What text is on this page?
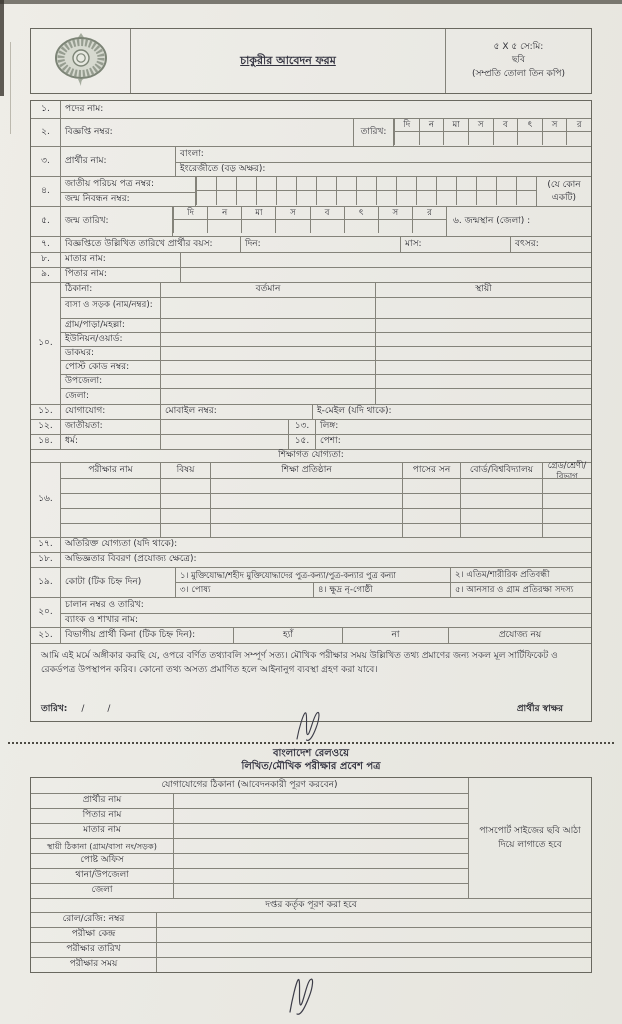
চাকুরীর আবেদন ফরম
৫ X ৫ সে:মি:
ছবি
(সম্প্রতি তোলা তিন কপি)
১.	পদের নাম:
২.	বিজ্ঞপ্তি নম্বর:	তারিখ:
দি	ন	মা	স	ব	ৎ	স	র
৩.	প্রার্থীর নাম:
বাংলা:
ইংরেজীতে (বড় অক্ষর):
৪.
জাতীয় পরিচয় পত্র নম্বর:
জন্ম নিবন্ধন নম্বর:
(যে কোন
একটি)
৫.	জন্ম তারিখ:
দি	ন	মা	স	ব	ৎ	স	র
৬. জন্মস্থান (জেলা) :
৭.	বিজ্ঞপ্তিতে উল্লিখিত তারিখে প্রার্থীর বয়স:	দিন:	মাস:	বৎসর:
৮.	মাতার নাম:
৯.	পিতার নাম:
১০.
ঠিকানা:	বর্তমান	স্থায়ী
বাসা ও সড়ক (নাম/নম্বর):
গ্রাম/পাড়া/মহল্লা:
ইউনিয়ন/ওয়ার্ড:
ডাকঘর:
পোস্ট কোড নম্বর:
উপজেলা:
জেলা:
১১.	যোগাযোগ:	মোবাইল নম্বর:	ই-মেইল (যদি থাকে):
১২.	জাতীয়তা:	১৩.	লিঙ্গ:
১৪.	ধর্ম:	১৫.	পেশা:
শিক্ষাগত যোগ্যতা:
১৬.
পরীক্ষার নাম	বিষয়	শিক্ষা প্রতিষ্ঠান	পাসের সন	বোর্ড/বিশ্ববিদ্যালয়	গ্রেড/শ্রেণী/বিভাগ
১৭.	অতিরিক্ত যোগ্যতা (যদি থাকে):
১৮.	অভিজ্ঞতার বিবরণ (প্রযোজ্য ক্ষেত্রে):
১৯.	কোটা (টিক চিহ্ন দিন)
১। মুক্তিযোদ্ধা/শহীদ মুক্তিযোদ্ধাদের পুত্র-কন্যা/পুত্র-কন্যার পুত্র কন্যা	২। এতিম/শারীরিক প্রতিবন্ধী
৩। পোষ্য	৪। ক্ষুদ্র নৃ-গোষ্ঠী	৫। আনসার ও গ্রাম প্রতিরক্ষা সদস্য
২০.
চালান নম্বর ও তারিখ:
ব্যাংক ও শাখার নাম:
২১.	বিভাগীয় প্রার্থী কিনা (টিক চিহ্ন দিন):	হ্যাঁ	না	প্রযোজ্য নয়

আমি এই মর্মে অঙ্গীকার করছি যে, ওপরে বর্ণিত তথ্যাবলি সম্পূর্ণ সত্য। মৌখিক পরীক্ষার সময় উল্লিখিত তথ্য প্রমাণের জন্য সকল মূল সার্টিফিকেট ও রেকর্ডপত্র উপস্থাপন করিব। কোনো তথ্য অসত্য প্রমাণিত হলে আইনানুগ ব্যবস্থা গ্রহণ করা যাবে।

তারিখ: /        /	প্রার্থীর স্বাক্ষর
বাংলাদেশ রেলওয়ে
লিখিত/মৌখিক পরীক্ষার প্রবেশ পত্র
যোগাযোগের ঠিকানা (আবেদনকারী পূরণ করবেন)
প্রার্থীর নাম
পিতার নাম
মাতার নাম
স্থায়ী ঠিকানা (গ্রাম/বাসা নং/সড়ক)
পোষ্ট অফিস
থানা/উপজেলা
জেলা
পাসপোর্ট সাইজের ছবি আঠা দিয়ে লাগাতে হবে
দপ্তর কর্তৃক পূরণ করা হবে
রোল/রেজি: নম্বর
পরীক্ষা কেন্দ্র
পরীক্ষার তারিখ
পরীক্ষার সময়
